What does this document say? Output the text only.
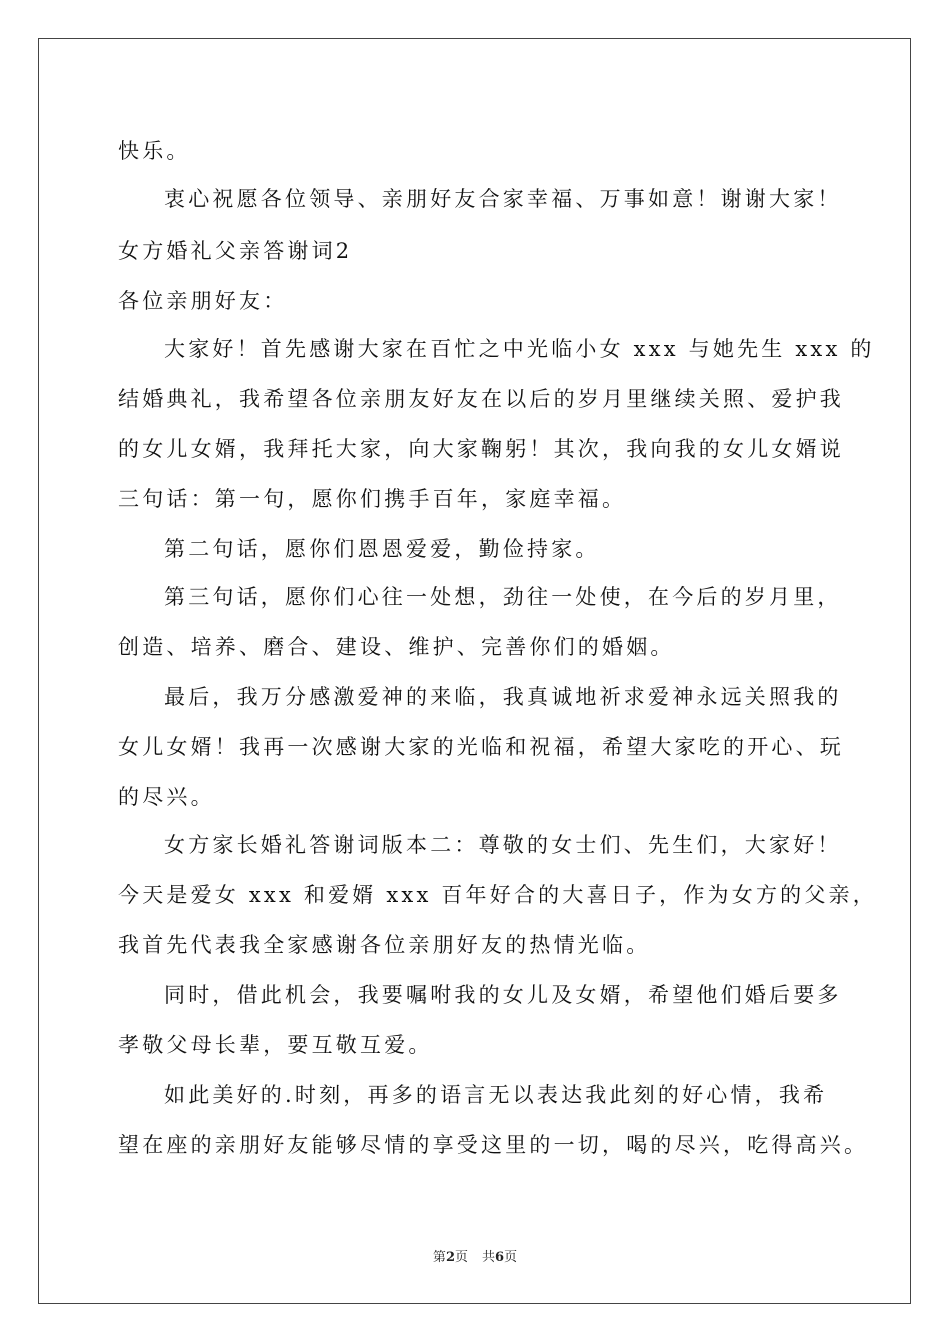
快乐。

衷心祝愿各位领导、亲朋好友合家幸福、万事如意！谢谢大家！

女方婚礼父亲答谢词2

各位亲朋好友：

大家好！首先感谢大家在百忙之中光临小女 xxx 与她先生 xxx 的

结婚典礼，我希望各位亲朋友好友在以后的岁月里继续关照、爱护我

的女儿女婿，我拜托大家，向大家鞠躬！其次，我向我的女儿女婿说

三句话：第一句，愿你们携手百年，家庭幸福。

第二句话，愿你们恩恩爱爱，勤俭持家。

第三句话，愿你们心往一处想，劲往一处使，在今后的岁月里，

创造、培养、磨合、建设、维护、完善你们的婚姻。

最后，我万分感激爱神的来临，我真诚地祈求爱神永远关照我的

女儿女婿！我再一次感谢大家的光临和祝福，希望大家吃的开心、玩

的尽兴。

女方家长婚礼答谢词版本二：尊敬的女士们、先生们，大家好！

今天是爱女 xxx 和爱婿 xxx 百年好合的大喜日子，作为女方的父亲，

我首先代表我全家感谢各位亲朋好友的热情光临。

同时，借此机会，我要嘱咐我的女儿及女婿，希望他们婚后要多

孝敬父母长辈，要互敬互爱。

如此美好的.时刻，再多的语言无以表达我此刻的好心情，我希

望在座的亲朋好友能够尽情的享受这里的一切，喝的尽兴，吃得高兴。

第2页 共6页
